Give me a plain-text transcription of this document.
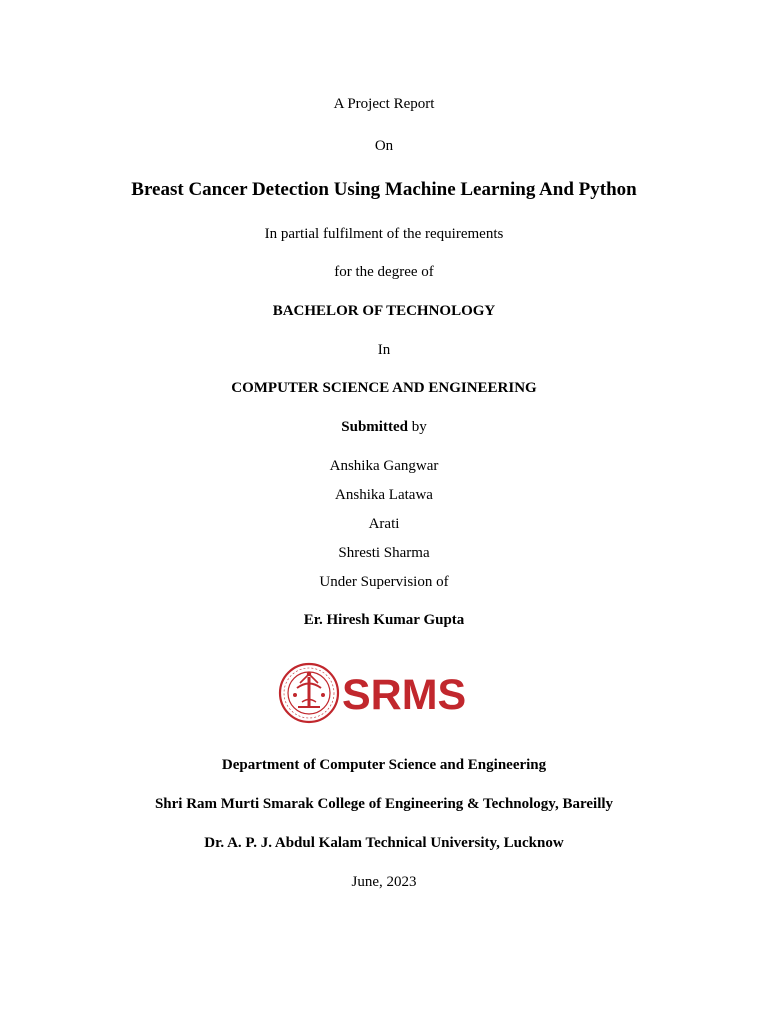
A Project Report
On
Breast Cancer Detection Using Machine Learning And Python
In partial fulfilment of the requirements
for the degree of
BACHELOR OF TECHNOLOGY
In
COMPUTER SCIENCE AND ENGINEERING
Submitted by
Anshika Gangwar
Anshika Latawa
Arati
Shresti Sharma
Under Supervision of
Er. Hiresh Kumar Gupta
SRMS
Department of Computer Science and Engineering
Shri Ram Murti Smarak College of Engineering & Technology, Bareilly
Dr. A. P. J. Abdul Kalam Technical University, Lucknow
June, 2023
